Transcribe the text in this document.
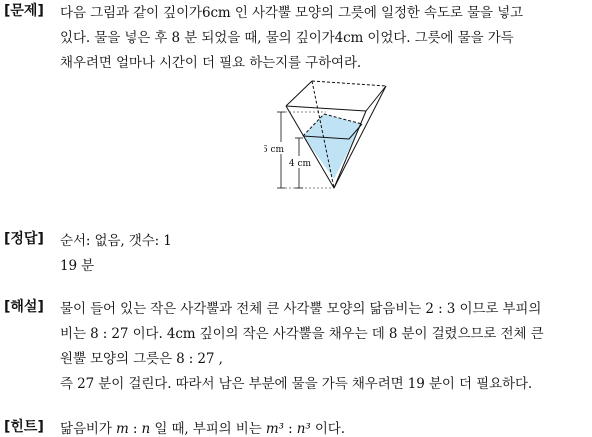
[문제] 다음 그림과 같이 깊이가6cm 인 사각뿔 모양의 그릇에 일정한 속도로 물을 넣고
있다. 물을 넣은 후 8 분 되었을 때, 물의 깊이가4cm 이었다. 그릇에 물을 가득
채우려면 얼마나 시간이 더 필요 하는지를 구하여라.
6 cm
4 cm
[정답] 순서: 없음, 갯수: 1
19 분
[해설] 물이 들어 있는 작은 사각뿔과 전체 큰 사각뿔 모양의 닮음비는 2 : 3 이므로 부피의
비는 8 : 27 이다. 4cm 깊이의 작은 사각뿔을 채우는 데 8 분이 걸렸으므로 전체 큰
원뿔 모양의 그릇은 8 : 27 ,
즉 27 분이 걸린다. 따라서 남은 부분에 물을 가득 채우려면 19 분이 더 필요하다.
[힌트] 닮음비가 m : n 일 때, 부피의 비는 m³ : n³ 이다.
